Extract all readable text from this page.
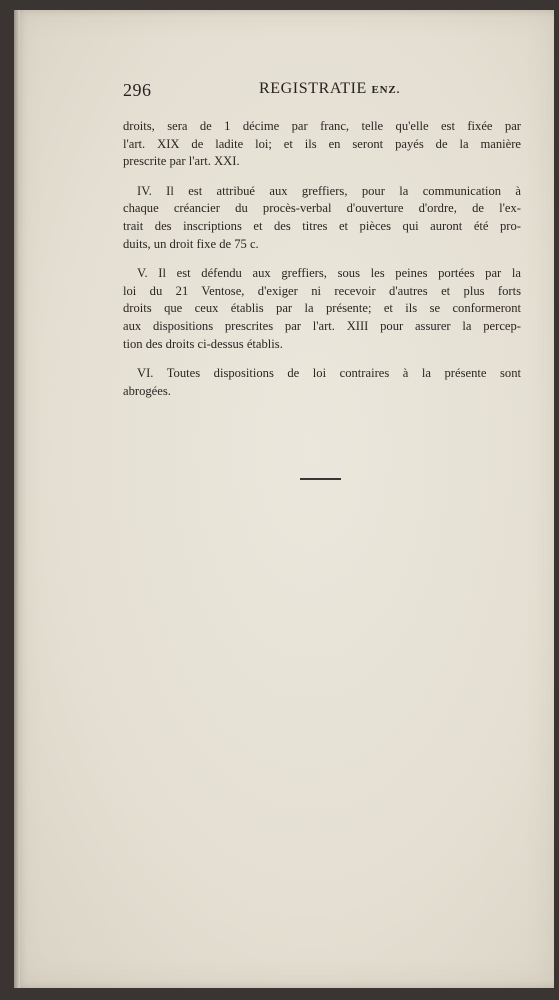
296	REGISTRATIE ENZ.
droits, sera de 1 décime par franc, telle qu'elle est fixée par
l'art. XIX de ladite loi; et ils en seront payés de la manière
prescrite par l'art. XXI.
IV. Il est attribué aux greffiers, pour la communication à
chaque créancier du procès-verbal d'ouverture d'ordre, de l'ex-
trait des inscriptions et des titres et pièces qui auront été pro-
duits, un droit fixe de 75 c.
V. Il est défendu aux greffiers, sous les peines portées par la
loi du 21 Ventose, d'exiger ni recevoir d'autres et plus forts
droits que ceux établis par la présente; et ils se conformeront
aux dispositions prescrites par l'art. XIII pour assurer la percep-
tion des droits ci-dessus établis.
VI. Toutes dispositions de loi contraires à la présente sont
abrogées.
